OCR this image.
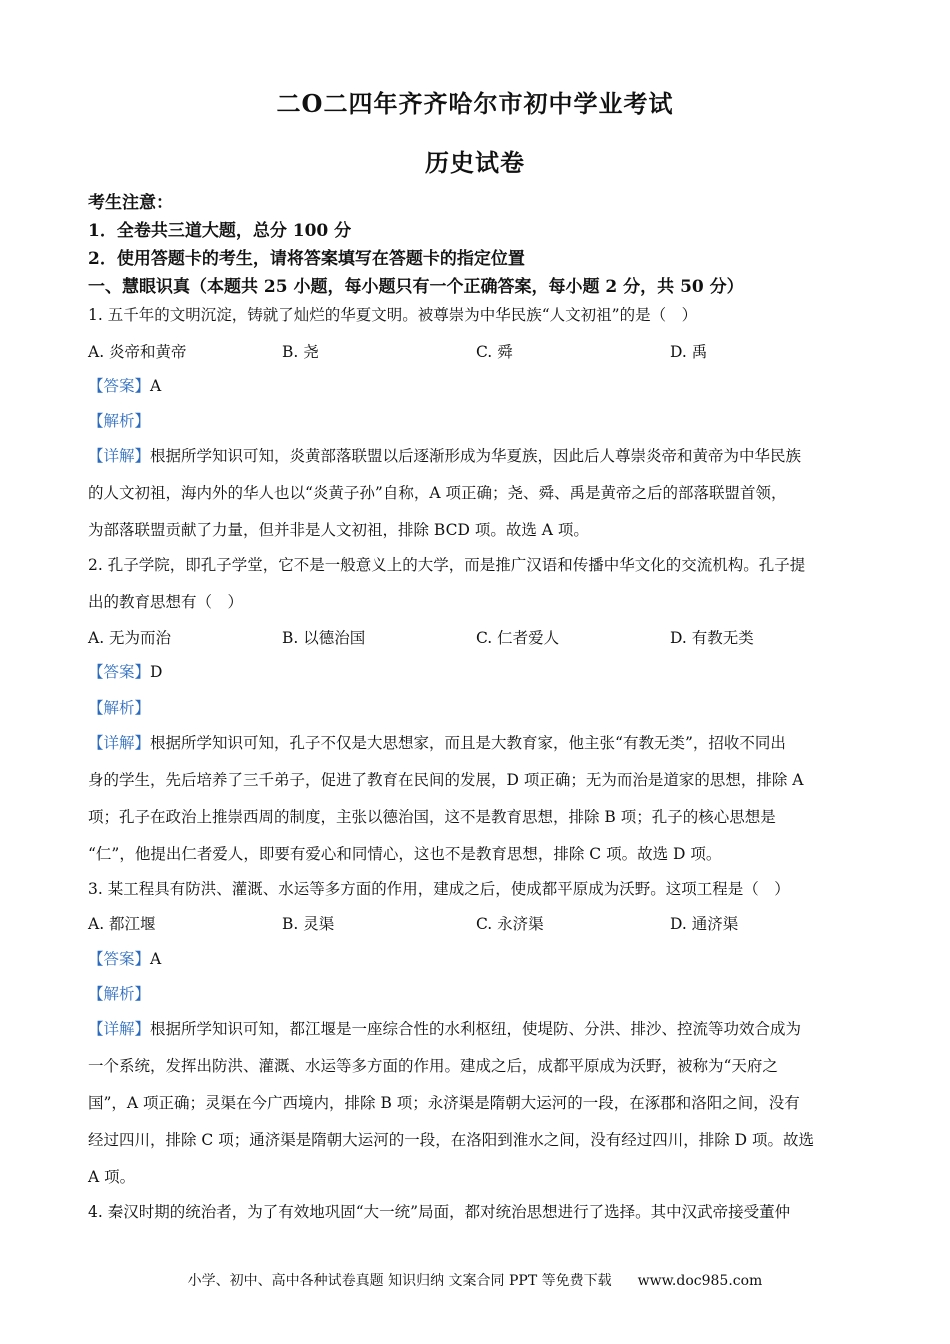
二O二四年齐齐哈尔市初中学业考试
历史试卷
考生注意：
1．全卷共三道大题，总分 100 分
2．使用答题卡的考生，请将答案填写在答题卡的指定位置
一、慧眼识真（本题共 25 小题，每小题只有一个正确答案，每小题 2 分，共 50 分）
1. 五千年的文明沉淀，铸就了灿烂的华夏文明。被尊崇为中华民族“人文初祖”的是（　）
A. 炎帝和黄帝	B. 尧	C. 舜	D. 禹
【答案】A
【解析】
【详解】根据所学知识可知，炎黄部落联盟以后逐渐形成为华夏族，因此后人尊崇炎帝和黄帝为中华民族
的人文初祖，海内外的华人也以“炎黄子孙”自称，A 项正确；尧、舜、禹是黄帝之后的部落联盟首领，
为部落联盟贡献了力量，但并非是人文初祖，排除 BCD 项。故选 A 项。
2. 孔子学院，即孔子学堂，它不是一般意义上的大学，而是推广汉语和传播中华文化的交流机构。孔子提
出的教育思想有（　）
A. 无为而治	B. 以德治国	C. 仁者爱人	D. 有教无类
【答案】D
【解析】
【详解】根据所学知识可知，孔子不仅是大思想家，而且是大教育家，他主张“有教无类”，招收不同出
身的学生，先后培养了三千弟子，促进了教育在民间的发展，D 项正确；无为而治是道家的思想，排除 A
项；孔子在政治上推崇西周的制度，主张以德治国，这不是教育思想，排除 B 项；孔子的核心思想是
“仁”，他提出仁者爱人，即要有爱心和同情心，这也不是教育思想，排除 C 项。故选 D 项。
3. 某工程具有防洪、灌溉、水运等多方面的作用，建成之后，使成都平原成为沃野。这项工程是（　）
A. 都江堰	B. 灵渠	C. 永济渠	D. 通济渠
【答案】A
【解析】
【详解】根据所学知识可知，都江堰是一座综合性的水利枢纽，使堤防、分洪、排沙、控流等功效合成为
一个系统，发挥出防洪、灌溉、水运等多方面的作用。建成之后，成都平原成为沃野，被称为“天府之
国”，A 项正确；灵渠在今广西境内，排除 B 项；永济渠是隋朝大运河的一段，在涿郡和洛阳之间，没有
经过四川，排除 C 项；通济渠是隋朝大运河的一段，在洛阳到淮水之间，没有经过四川，排除 D 项。故选
A 项。
4. 秦汉时期的统治者，为了有效地巩固“大一统”局面，都对统治思想进行了选择。其中汉武帝接受董仲
小学、初中、高中各种试卷真题 知识归纳 文案合同 PPT 等免费下载 www.doc985.com
